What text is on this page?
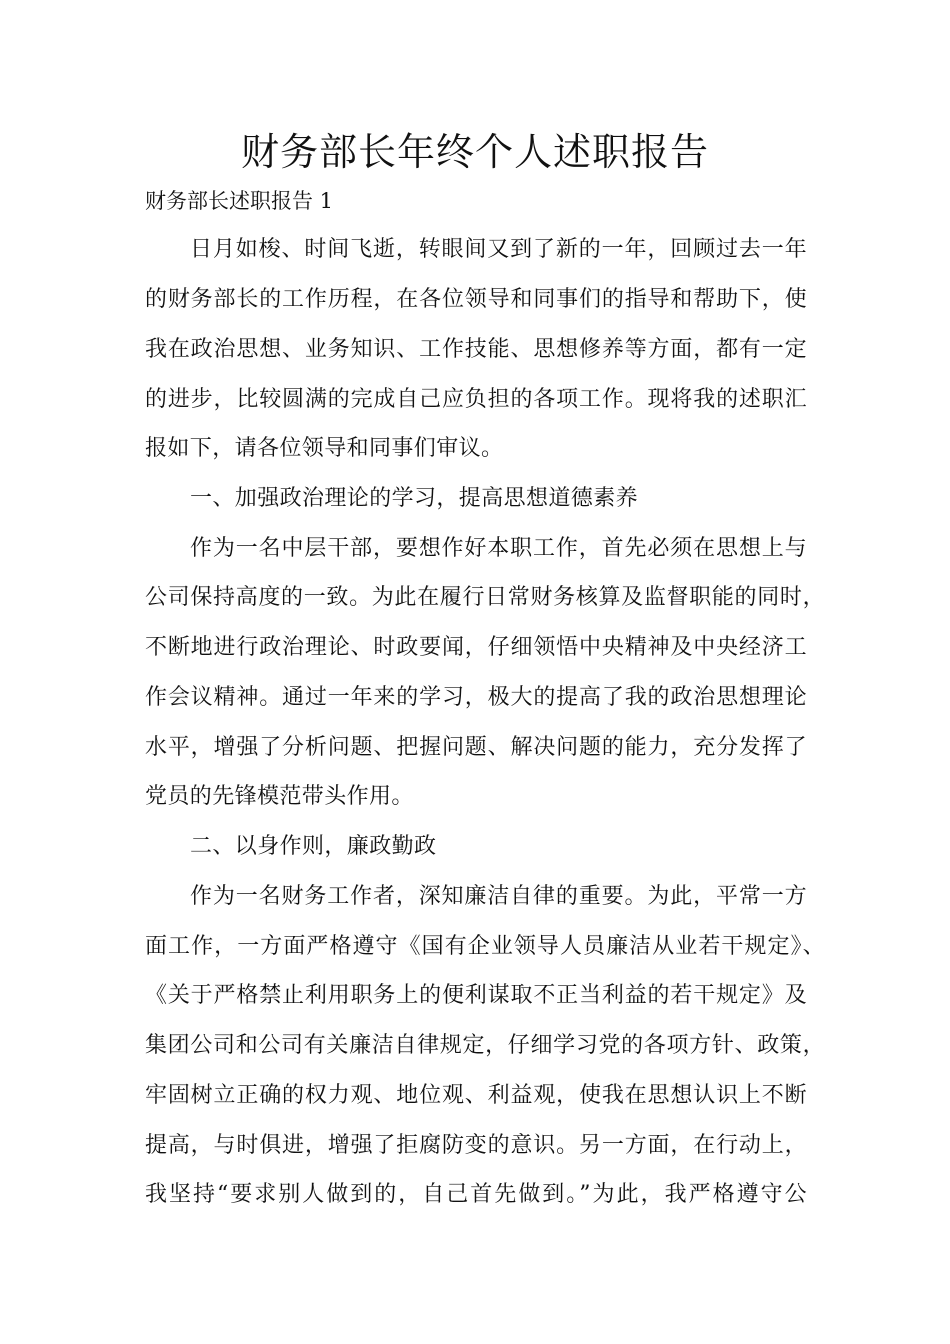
财务部长年终个人述职报告

财务部长述职报告 1

日月如梭、时间飞逝，转眼间又到了新的一年，回顾过去一年

的财务部长的工作历程，在各位领导和同事们的指导和帮助下，使

我在政治思想、业务知识、工作技能、思想修养等方面，都有一定

的进步，比较圆满的完成自己应负担的各项工作。现将我的述职汇

报如下，请各位领导和同事们审议。

一、加强政治理论的学习，提高思想道德素养

作为一名中层干部，要想作好本职工作，首先必须在思想上与

公司保持高度的一致。为此在履行日常财务核算及监督职能的同时，

不断地进行政治理论、时政要闻，仔细领悟中央精神及中央经济工

作会议精神。通过一年来的学习，极大的提高了我的政治思想理论

水平，增强了分析问题、把握问题、解决问题的能力，充分发挥了

党员的先锋模范带头作用。

二、以身作则，廉政勤政

作为一名财务工作者，深知廉洁自律的重要。为此，平常一方

面工作，一方面严格遵守《国有企业领导人员廉洁从业若干规定》、

《关于严格禁止利用职务上的便利谋取不正当利益的若干规定》及

集团公司和公司有关廉洁自律规定，仔细学习党的各项方针、政策，

牢固树立正确的权力观、地位观、利益观，使我在思想认识上不断

提高，与时俱进，增强了拒腐防变的意识。另一方面，在行动上，

我坚持“要求别人做到的，自己首先做到。”为此，我严格遵守公
